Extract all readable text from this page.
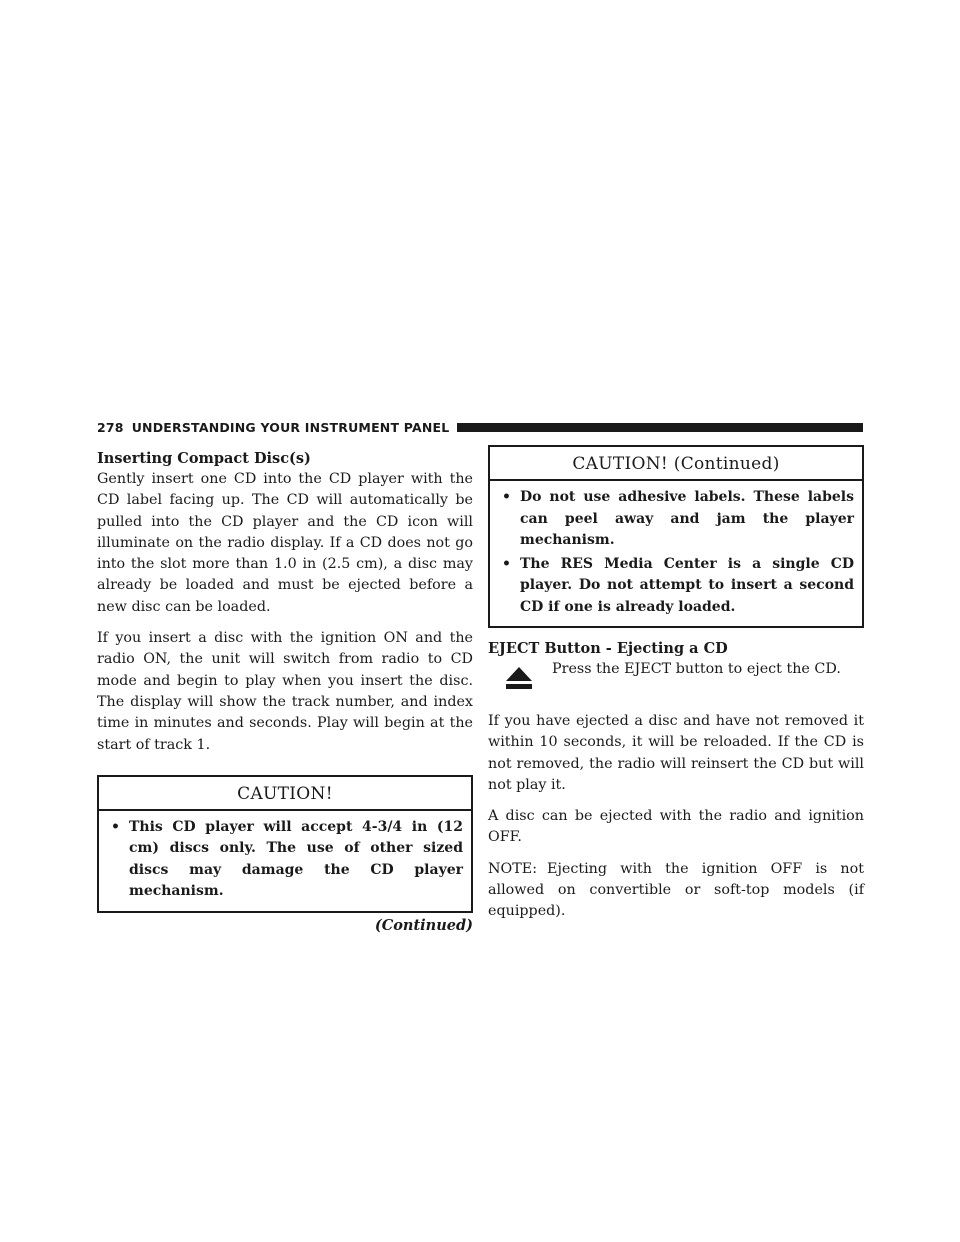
278 UNDERSTANDING YOUR INSTRUMENT PANEL
Inserting Compact Disc(s)

Gently insert one CD into the CD player with the CD label facing up. The CD will automatically be pulled into the CD player and the CD icon will illuminate on the radio display. If a CD does not go into the slot more than 1.0 in (2.5 cm), a disc may already be loaded and must be ejected before a new disc can be loaded.

If you insert a disc with the ignition ON and the radio ON, the unit will switch from radio to CD mode and begin to play when you insert the disc. The display will show the track number, and index time in minutes and seconds. Play will begin at the start of track 1.

CAUTION!
• This CD player will accept 4-3/4 in (12 cm) discs only. The use of other sized discs may damage the CD player mechanism.
(Continued)
CAUTION! (Continued)
• Do not use adhesive labels. These labels can peel away and jam the player mechanism.
• The RES Media Center is a single CD player. Do not attempt to insert a second CD if one is already loaded.
EJECT Button - Ejecting a CD
Press the EJECT button to eject the CD.

If you have ejected a disc and have not removed it within 10 seconds, it will be reloaded. If the CD is not removed, the radio will reinsert the CD but will not play it.

A disc can be ejected with the radio and ignition OFF.

NOTE: Ejecting with the ignition OFF is not allowed on convertible or soft-top models (if equipped).
